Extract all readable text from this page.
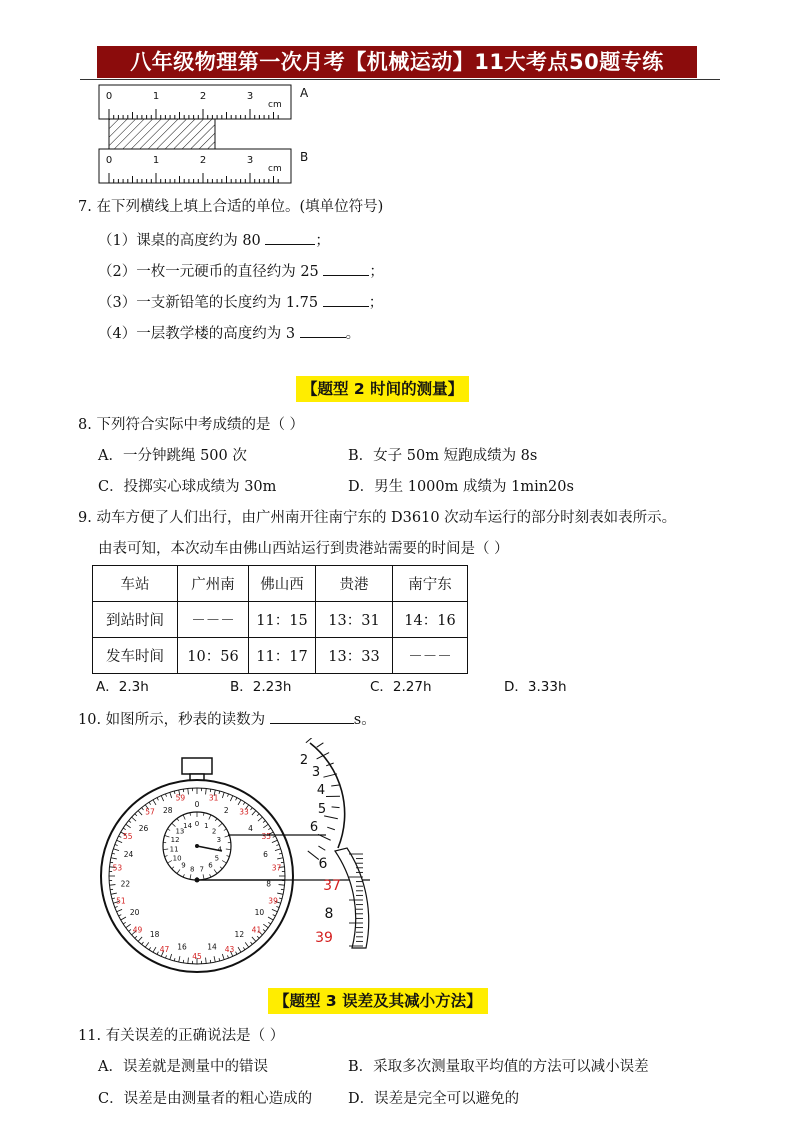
八年级物理第一次月考【机械运动】11大考点50题专练
0	1	2	3
cm
0	1	2	3
cm
A
B
7. 在下列横线上填上合适的单位。(填单位符号)
（1）课桌的高度约为 80	；
（2）一枚一元硬币的直径约为 25	；
（3）一支新铅笔的长度约为 1.75	；
（4）一层教学楼的高度约为 3	。
【题型 2 时间的测量】
8. 下列符合实际中考成绩的是（ ）
A．一分钟跳绳 500 次	B．女子 50m 短跑成绩为 8s
C．投掷实心球成绩为 30m	D．男生 1000m 成绩为 1min20s
9. 动车方便了人们出行，由广州南开往南宁东的 D3610 次动车运行的部分时刻表如表所示。
由表可知，本次动车由佛山西站运行到贵港站需要的时间是（ ）
车站	广州南	佛山西	贵港	南宁东
到站时间	－－－	11：15	13：31	14：16
发车时间	10：56	11：17	13：33	－－－
A．2.3h	B．2.23h	C．2.27h	D．3.33h
10. 如图所示，秒表的读数为	s。
0
31
2 33
4
35
6
37
8
39
10
41
12
43
14
45
16
47
18
49
20
51
22
53
24
55
26
57 28
59
14 0 1
2
3
4
5
6
7
8
9
10
11
12
13
2
3
4
5
6
6
37
8
39
【题型 3 误差及其减小方法】
11. 有关误差的正确说法是（ ）
A．误差就是测量中的错误	B．采取多次测量取平均值的方法可以减小误差
C．误差是由测量者的粗心造成的 D．误差是完全可以避免的
